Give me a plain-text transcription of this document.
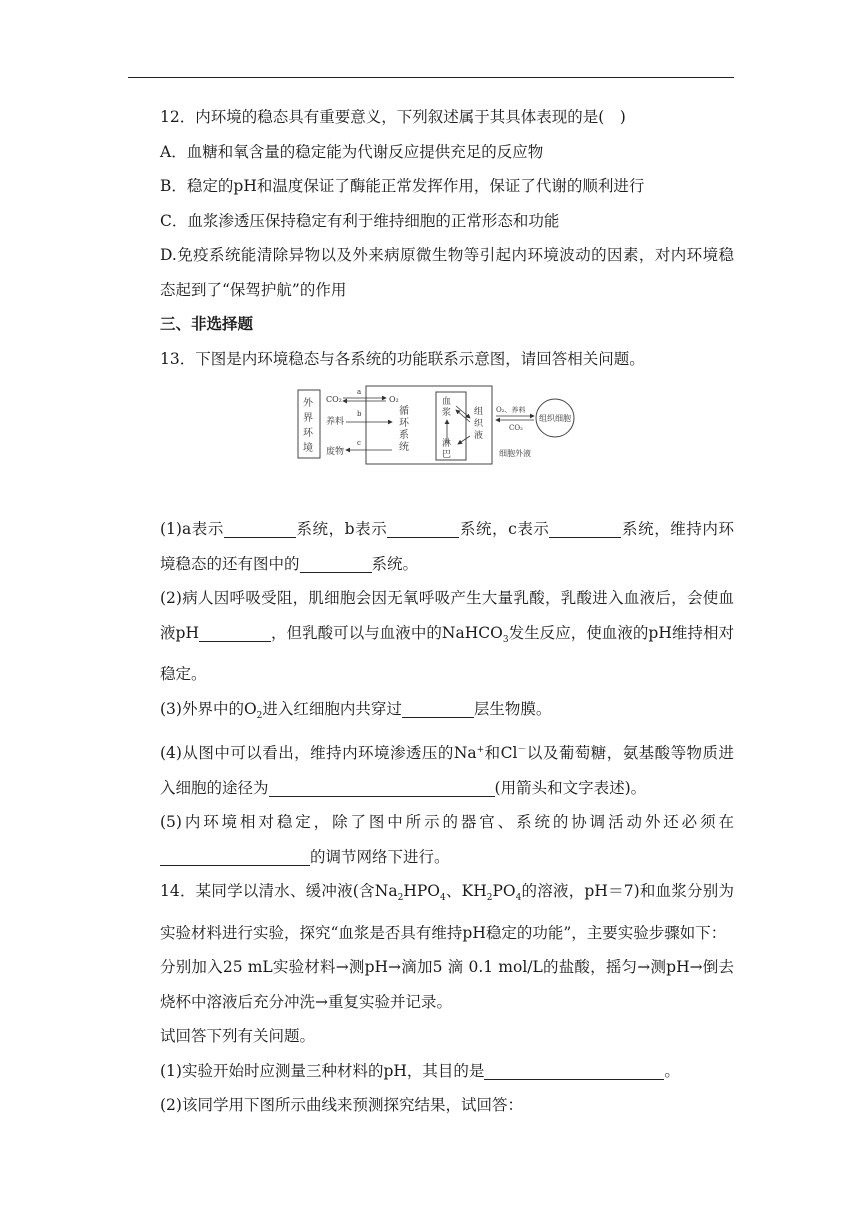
12．内环境的稳态具有重要意义，下列叙述属于其具体表现的是(　)

A．血糖和氧含量的稳定能为代谢反应提供充足的反应物

B．稳定的pH和温度保证了酶能正常发挥作用，保证了代谢的顺利进行

C．血浆渗透压保持稳定有利于维持细胞的正常形态和功能

D.免疫系统能清除异物以及外来病原微生物等引起内环境波动的因素，对内环境稳态起到了“保驾护航”的作用

三、非选择题

13．下图是内环境稳态与各系统的功能联系示意图，请回答相关问题。

外
界
环
境
循
环
系
统
CO₂
a
O₂
养料
b
废物
c
血
浆
淋
巴
组
织
液
细胞外液
O₂、养料
CO₂
组织细胞

(1)a表示	系统，b表示	系统，c表示	系统，维持内环境稳态的还有图中的	系统。

(2)病人因呼吸受阻，肌细胞会因无氧呼吸产生大量乳酸，乳酸进入血液后，会使血液pH	，但乳酸可以与血液中的NaHCO$_3$发生反应，使血液的pH维持相对稳定。

(3)外界中的$O_2$进入红细胞内共穿过	层生物膜。

(4)从图中可以看出，维持内环境渗透压的Na+和Cl－以及葡萄糖，氨基酸等物质进入细胞的途径为	(用箭头和文字表述)。

(5)内环境相对稳定，除了图中所示的器官、系统的协调活动外还必须在的调节网络下进行。

14．某同学以清水、缓冲液(含$Na_2HPO_4$、$KH_2PO_4$的溶液，pH＝7)和血浆分别为实验材料进行实验，探究“血浆是否具有维持pH稳定的功能”，主要实验步骤如下：

分别加入25 mL实验材料→测pH→滴加5 滴 0.1 mol/L的盐酸，摇匀→测pH→倒去烧杯中溶液后充分冲洗→重复实验并记录。

试回答下列有关问题。

(1)实验开始时应测量三种材料的pH，其目的是	。

(2)该同学用下图所示曲线来预测探究结果，试回答：
